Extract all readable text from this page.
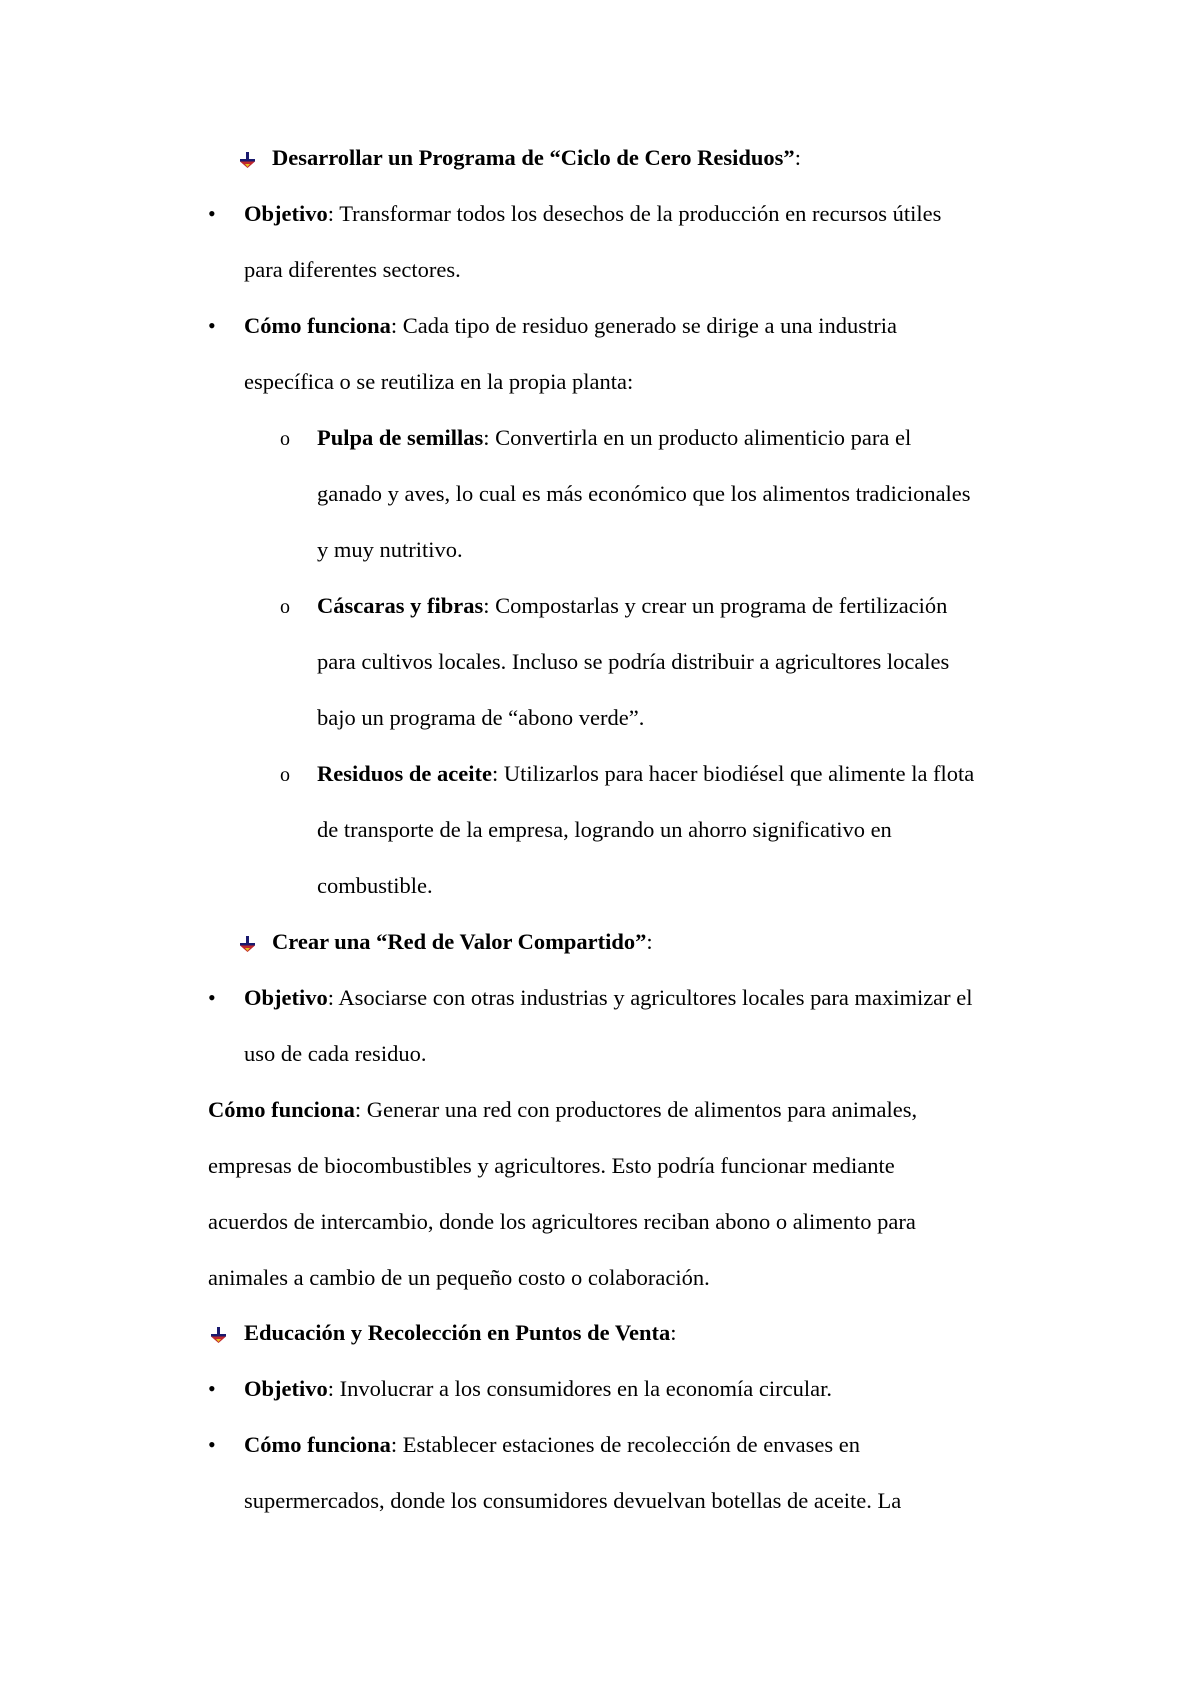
Desarrollar un Programa de “Ciclo de Cero Residuos”:
• Objetivo: Transformar todos los desechos de la producción en recursos útiles
para diferentes sectores.
• Cómo funciona: Cada tipo de residuo generado se dirige a una industria
específica o se reutiliza en la propia planta:
o Pulpa de semillas: Convertirla en un producto alimenticio para el
ganado y aves, lo cual es más económico que los alimentos tradicionales
y muy nutritivo.
o Cáscaras y fibras: Compostarlas y crear un programa de fertilización
para cultivos locales. Incluso se podría distribuir a agricultores locales
bajo un programa de “abono verde”.
o Residuos de aceite: Utilizarlos para hacer biodiésel que alimente la flota
de transporte de la empresa, logrando un ahorro significativo en
combustible.
Crear una “Red de Valor Compartido”:
• Objetivo: Asociarse con otras industrias y agricultores locales para maximizar el
uso de cada residuo.
Cómo funciona: Generar una red con productores de alimentos para animales,
empresas de biocombustibles y agricultores. Esto podría funcionar mediante
acuerdos de intercambio, donde los agricultores reciban abono o alimento para
animales a cambio de un pequeño costo o colaboración.
Educación y Recolección en Puntos de Venta:
• Objetivo: Involucrar a los consumidores en la economía circular.
• Cómo funciona: Establecer estaciones de recolección de envases en
supermercados, donde los consumidores devuelvan botellas de aceite. La
